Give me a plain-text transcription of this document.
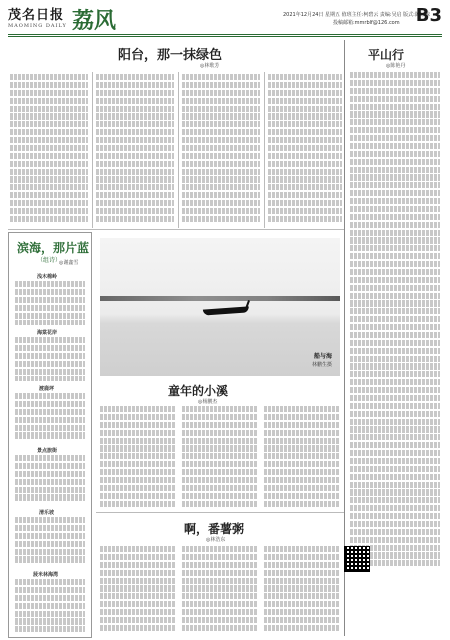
茂名日报
MAOMING DAILY 荔风	2021年12月24日 星期五 值班主任:柯碧云 责编:吴启 版式:陈琼琼
投稿邮箱:mmrblf@126.com B3
阳台，那一抹绿色
◎林歌芳
平山行
◎陈艳丹
滨海，那片蓝
（组诗）
◎谢鑫雪
浅木棉岭
海棠花岸
渡鹿坪
景点旅街
清乐坡
菠米林海湾
船与海
林鹏生摄
童年的小溪
◎杨鹏杰
啊，番薯粥
◎林浩东
